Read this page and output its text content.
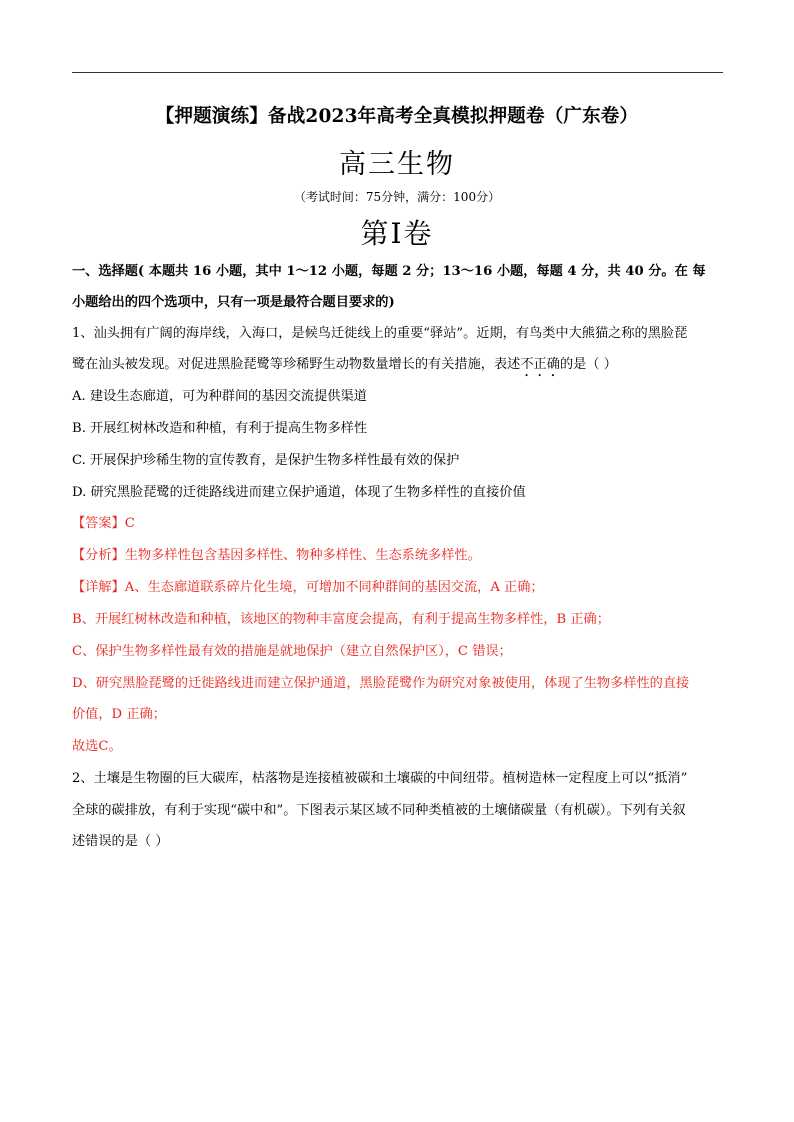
【押题演练】备战2023年高考全真模拟押题卷（广东卷）
高三生物
（考试时间：75分钟，满分：100分）
第I卷
一、选择题( 本题共 16 小题，其中 1～12 小题，每题 2 分；13～16 小题，每题 4 分，共 40 分。在 每
小题给出的四个选项中，只有一项是最符合题目要求的)
1、汕头拥有广阔的海岸线，入海口，是候鸟迁徙线上的重要“驿站”。近期，有鸟类中大熊猫之称的黑脸琵
鹭在汕头被发现。对促进黑脸琵鹭等珍稀野生动物数量增长的有关措施，表述不正确的是（ ）
A. 建设生态廊道，可为种群间的基因交流提供渠道
B. 开展红树林改造和种植，有利于提高生物多样性
C. 开展保护珍稀生物的宣传教育，是保护生物多样性最有效的保护
D. 研究黑脸琵鹭的迁徙路线进而建立保护通道，体现了生物多样性的直接价值
【答案】C
【分析】生物多样性包含基因多样性、物种多样性、生态系统多样性。
【详解】A、生态廊道联系碎片化生境，可增加不同种群间的基因交流，A 正确；
B、开展红树林改造和种植，该地区的物种丰富度会提高，有利于提高生物多样性，B 正确；
C、保护生物多样性最有效的措施是就地保护（建立自然保护区），C 错误；
D、研究黑脸琵鹭的迁徙路线进而建立保护通道，黑脸琵鹭作为研究对象被使用，体现了生物多样性的直接
价值，D 正确；
故选C。
2、土壤是生物圈的巨大碳库，枯落物是连接植被碳和土壤碳的中间纽带。植树造林一定程度上可以“抵消”
全球的碳排放，有利于实现“碳中和”。下图表示某区域不同种类植被的土壤储碳量（有机碳）。下列有关叙
述错误的是（ ）
